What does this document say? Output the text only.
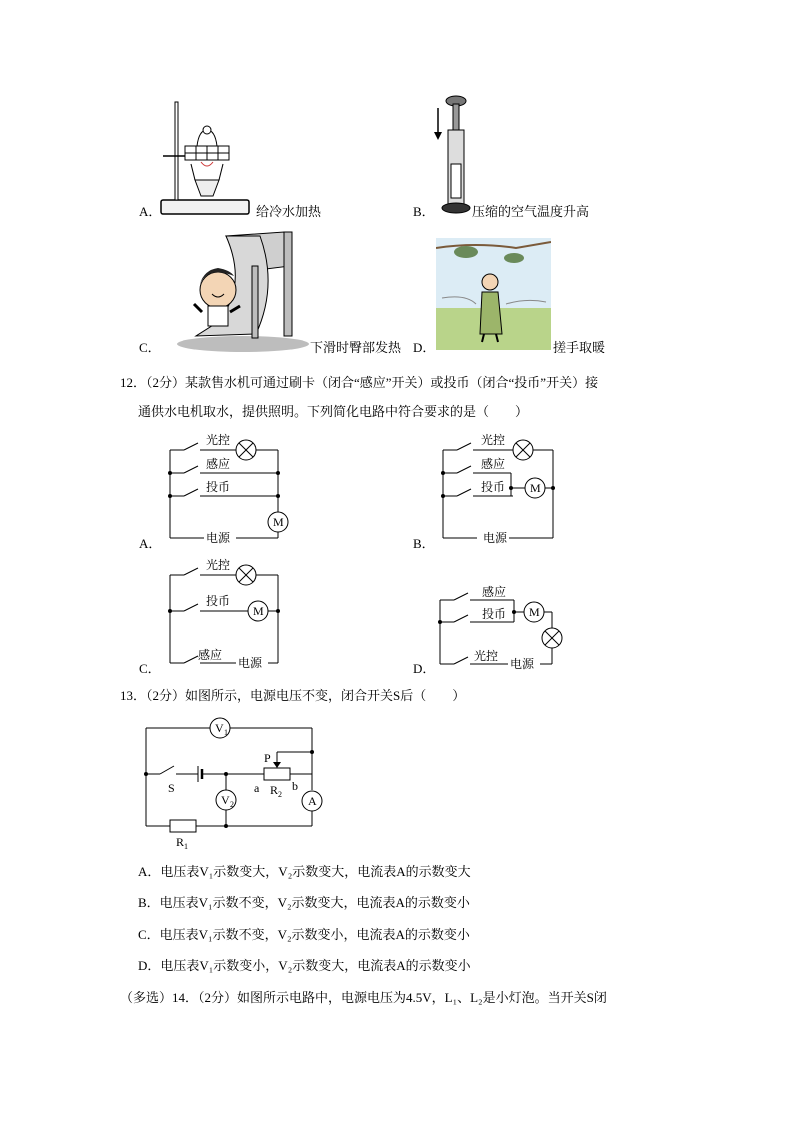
A．	给冷水加热	B．	压缩的空气温度升高
C．	下滑时臀部发热 D．	搓手取暖
12．（2分）某款售水机可通过刷卡（闭合“感应”开关）或投币（闭合“投币”开关）接
通供水电机取水，提供照明。下列简化电路中符合要求的是（　　）
光控
感应
投币
电源
M
A．
光控
感应
投币
电源
M
B．
光控
投币
感应
电源
M
C．
感应
投币
光控
电源
M
D．
13．（2分）如图所示，电源电压不变，闭合开关S后（　　）
V 1
V 2	A
S
R 1
R 2
P
a	b
A．电压表V₁示数变大，V₂示数变大，电流表A的示数变大
B．电压表V₁示数不变，V₂示数变大，电流表A的示数变小
C．电压表V₁示数不变，V₂示数变小，电流表A的示数变小
D．电压表V₁示数变小，V₂示数变大，电流表A的示数变小
（多选）14．（2分）如图所示电路中，电源电压为4.5V，L₁、L₂是小灯泡。当开关S闭
